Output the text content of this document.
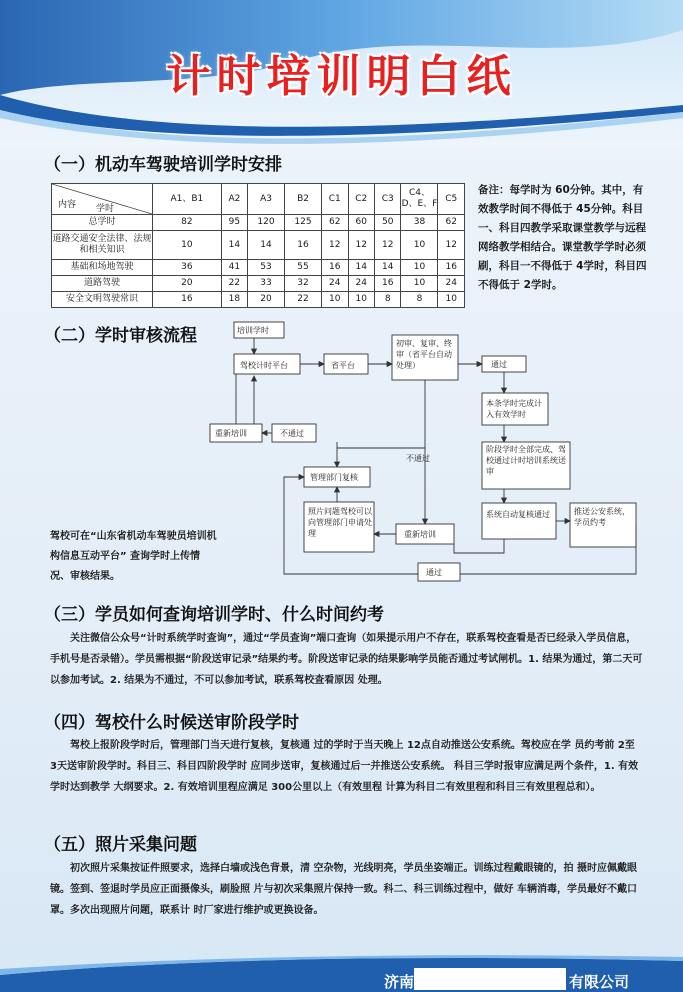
计时培训明白纸
（一）机动车驾驶培训学时安排
内容 学时	A1、B1	A2	A3	B2	C1	C2	C3	C4、D、E、F	C5
总学时	82	95	120	125	62	60	50	38	62
道路交通安全法律、法规和相关知识	10	14	14	16	12	12	12	10	12
基础和场地驾驶	36	41	53	55	16	14	14	10	16
道路驾驶	20	22	33	32	24	24	16	10	24
安全文明驾驶常识	16	18	20	22	10	10	8	8	10
备注：每学时为 60分钟。其中，有效教学时间不得低于 45分钟。科目一、科目四教学采取课堂教学与远程网络教学相结合。课堂教学学时必须刷，科目一不得低于 4学时，科目四 不得低于 2学时。
（二）学时审核流程	培训学时
驾校计时平台	省平台
初审、复审、终审（省平台自动处理）	通过
本条学时完成计入有效学时
阶段学时全部完成、驾校通过计时培训系统送审
系统自动复核通过	推送公安系统，学员约考
重新培训	不通过
管理部门复核
照片问题驾校可以向管理部门申请处理	重新培训
不通过
通过
驾校可在“山东省机动车驾驶员培训机构信息互动平台” 查询学时上传情况、审核结果。
（三）学员如何查询培训学时、什么时间约考
关注微信公众号“计时系统学时查询”，通过“学员查询”端口查询（如果提示用户不存在，联系驾校查看是否已经录入学员信息，手机号是否录错）。学员需根据“阶段送审记录”结果约考。阶段送审记录的结果影响学员能否通过考试闸机。1. 结果为通过，第二天可以参加考试。2. 结果为不通过，不可以参加考试，联系驾校查看原因 处理。
（四）驾校什么时候送审阶段学时
驾校上报阶段学时后，管理部门当天进行复核，复核通 过的学时于当天晚上 12点自动推送公安系统。驾校应在学 员约考前 2至 3天送审阶段学时。科目三、科目四阶段学时 应同步送审，复核通过后一并推送公安系统。 科目三学时报审应满足两个条件，1. 有效学时达到教学 大纲要求。2. 有效培训里程应满足 300公里以上（有效里程 计算为科目二有效里程和科目三有效里程总和）。
（五）照片采集问题
初次照片采集按证件照要求，选择白墙或浅色背景，清 空杂物，光线明亮，学员坐姿端正。训练过程戴眼镜的，拍 摄时应佩戴眼镜。签到、签退时学员应正面摄像头，刷脸照 片与初次采集照片保持一致。科二、科三训练过程中，做好 车辆消毒，学员最好不戴口罩。多次出现照片问题，联系计 时厂家进行维护或更换设备。
济南	有限公司
